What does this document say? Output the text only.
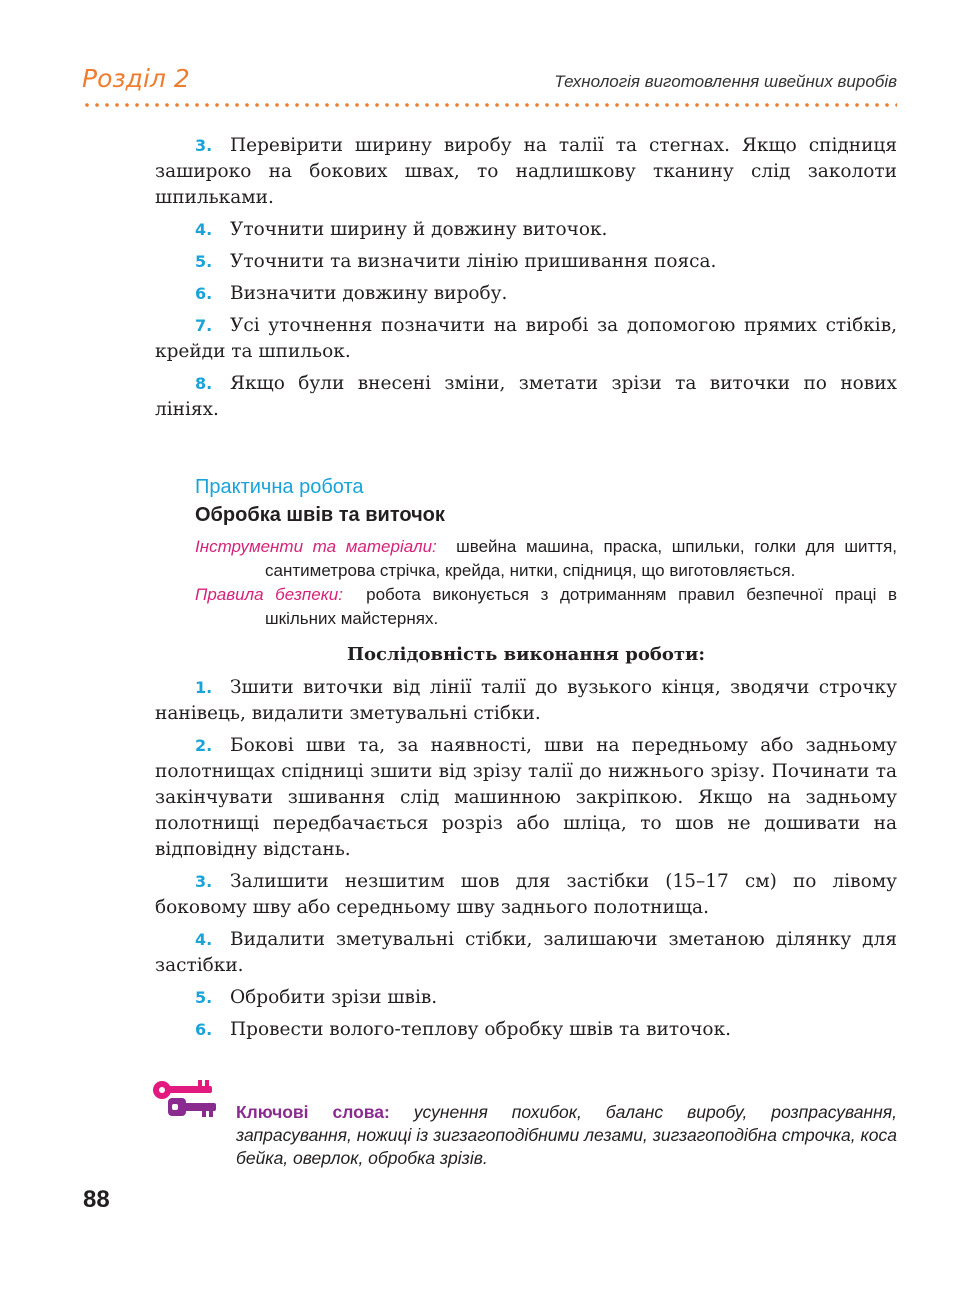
Розділ 2	Технологія виготовлення швейних виробів

3. Перевірити ширину виробу на талії та стегнах. Якщо спідниця зашироко на бокових швах, то надлишкову тканину слід заколоти шпильками.

4. Уточнити ширину й довжину виточок.

5. Уточнити та визначити лінію пришивання пояса.

6. Визначити довжину виробу.

7. Усі уточнення позначити на виробі за допомогою прямих стібків, крейди та шпильок.

8. Якщо були внесені зміни, зметати зрізи та виточки по нових лініях.

Практична робота
Обробка швів та виточок

Інструменти та матеріали: швейна машина, праска, шпильки, голки для шиття, сантиметрова стрічка, крейда, нитки, спідниця, що виготовляється.

Правила безпеки: робота виконується з дотриманням правил безпечної праці в шкільних майстернях.

Послідовність виконання роботи:

1. Зшити виточки від лінії талії до вузького кінця, зводячи строчку нанівець, видалити зметувальні стібки.

2. Бокові шви та, за наявності, шви на передньому або задньому полотнищах спідниці зшити від зрізу талії до нижнього зрізу. Починати та закінчувати зшивання слід машинною закріпкою. Якщо на задньому полотнищі передбачається розріз або шліца, то шов не дошивати на відповідну відстань.

3. Залишити незшитим шов для застібки (15–17 см) по лівому боковому шву або середньому шву заднього полотнища.

4. Видалити зметувальні стібки, залишаючи зметаною ділянку для застібки.

5. Обробити зрізи швів.

6. Провести волого-теплову обробку швів та виточок.

Ключові слова: усунення похибок, баланс виробу, розпрасування, запрасування, ножиці із зигзагоподібними лезами, зигзагоподібна строчка, коса бейка, оверлок, обробка зрізів.
88
